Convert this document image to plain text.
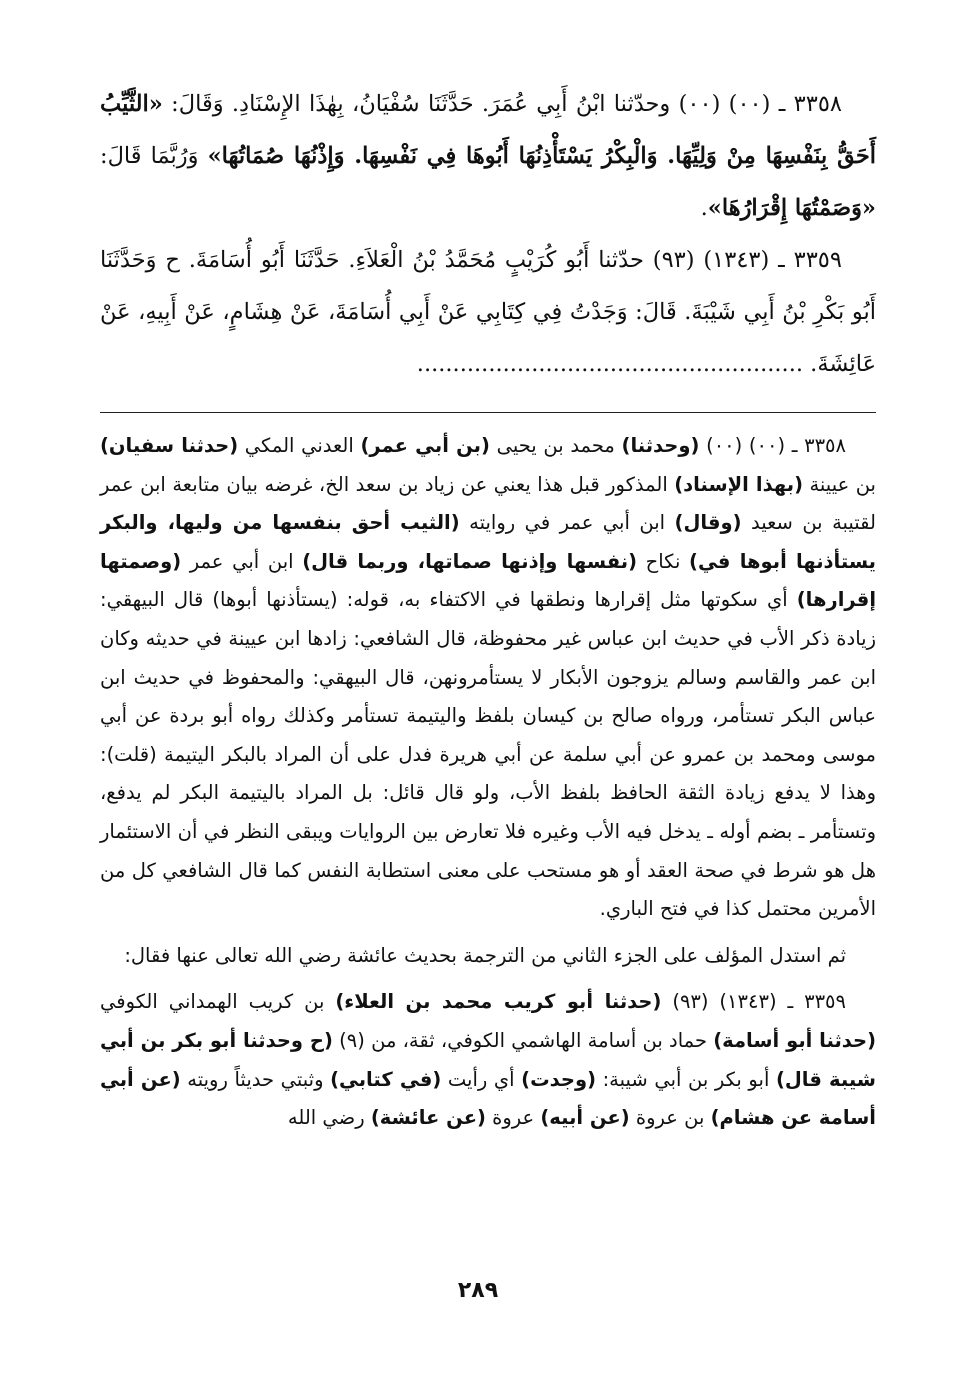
٣٣٥٨ ـ (٠٠) (٠٠) وحدّثنا ابْنُ أَبِي عُمَرَ. حَدَّثَنَا سُفْيَانُ، بِهٰذَا الإِسْنَادِ. وَقَالَ: «الثَّيِّبُ أَحَقُّ بِنَفْسِهَا مِنْ وَلِيِّهَا. وَالْبِكْرُ يَسْتَأْذِنُهَا أَبُوهَا فِي نَفْسِهَا. وَإِذْنُهَا صُمَاتُهَا» وَرُبَّمَا قَالَ: «وَصَمْتُهَا إِقْرَارُهَا».

٣٣٥٩ ـ (١٣٤٣) (٩٣) حدّثنا أَبُو كُرَيْبٍ مُحَمَّدُ بْنُ الْعَلاَءِ. حَدَّثَنَا أَبُو أُسَامَةَ. ح وَحَدَّثَنَا أَبُو بَكْرِ بْنُ أَبِي شَيْبَةَ. قَالَ: وَجَدْتُ فِي كِتَابِي عَنْ أَبِي أُسَامَةَ، عَنْ هِشَامٍ، عَنْ أَبِيهِ، عَنْ عَائِشَةَ. ......................................................

٣٣٥٨ ـ (٠٠) (٠٠) (وحدثنا) محمد بن يحيى (بن أبي عمر) العدني المكي (حدثنا سفيان) بن عيينة (بهذا الإسناد) المذكور قبل هذا يعني عن زياد بن سعد الخ، غرضه بيان متابعة ابن عمر لقتيبة بن سعيد (وقال) ابن أبي عمر في روايته (الثيب أحق بنفسها من وليها، والبكر يستأذنها أبوها في) نكاح (نفسها وإذنها صماتها، وربما قال) ابن أبي عمر (وصمتها إقرارها) أي سكوتها مثل إقرارها ونطقها في الاكتفاء به، قوله: (يستأذنها أبوها) قال البيهقي: زيادة ذكر الأب في حديث ابن عباس غير محفوظة، قال الشافعي: زادها ابن عيينة في حديثه وكان ابن عمر والقاسم وسالم يزوجون الأبكار لا يستأمرونهن، قال البيهقي: والمحفوظ في حديث ابن عباس البكر تستأمر، ورواه صالح بن كيسان بلفظ واليتيمة تستأمر وكذلك رواه أبو بردة عن أبي موسى ومحمد بن عمرو عن أبي سلمة عن أبي هريرة فدل على أن المراد بالبكر اليتيمة (قلت): وهذا لا يدفع زيادة الثقة الحافظ بلفظ الأب، ولو قال قائل: بل المراد باليتيمة البكر لم يدفع، وتستأمر ـ بضم أوله ـ يدخل فيه الأب وغيره فلا تعارض بين الروايات ويبقى النظر في أن الاستئمار هل هو شرط في صحة العقد أو هو مستحب على معنى استطابة النفس كما قال الشافعي كل من الأمرين محتمل كذا في فتح الباري.

ثم استدل المؤلف على الجزء الثاني من الترجمة بحديث عائشة رضي الله تعالى عنها فقال:

٣٣٥٩ ـ (١٣٤٣) (٩٣) (حدثنا أبو كريب محمد بن العلاء) بن كريب الهمداني الكوفي (حدثنا أبو أسامة) حماد بن أسامة الهاشمي الكوفي، ثقة، من (٩) (ح وحدثنا أبو بكر بن أبي شيبة قال) أبو بكر بن أبي شيبة: (وجدت) أي رأيت (في كتابي) وثبتي حديثاً رويته (عن أبي أسامة عن هشام) بن عروة (عن أبيه) عروة (عن عائشة) رضي الله

٢٨٩
